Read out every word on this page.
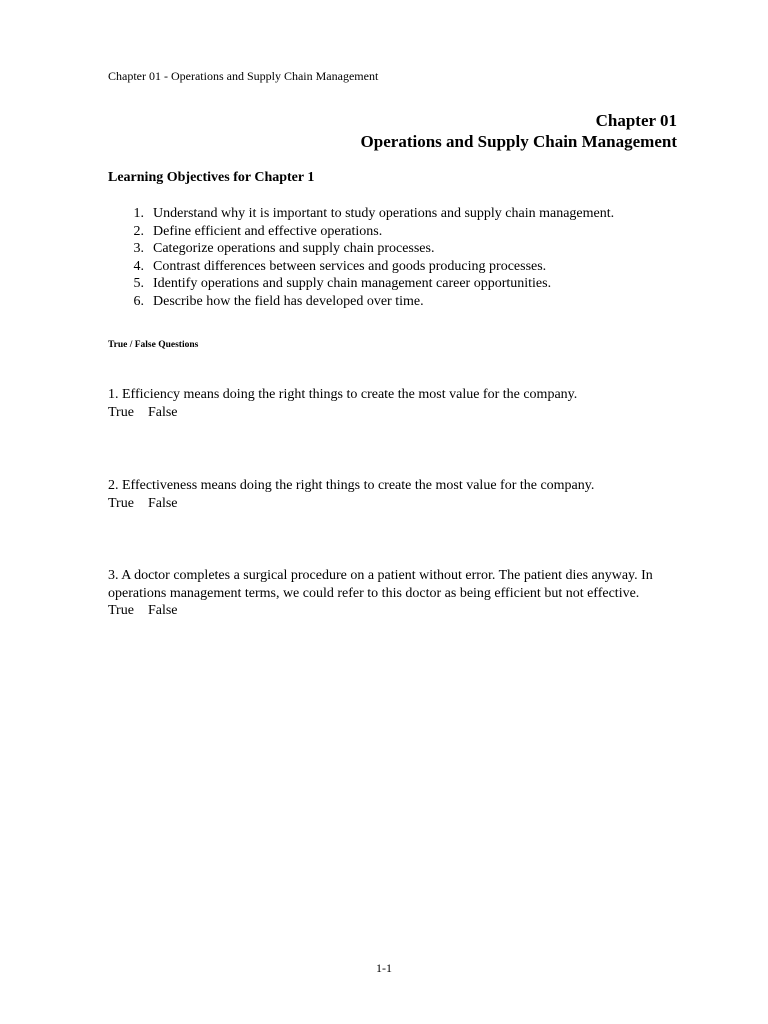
Chapter 01 - Operations and Supply Chain Management
Chapter 01
Operations and Supply Chain Management
Learning Objectives for Chapter 1
1. Understand why it is important to study operations and supply chain management.
2. Define efficient and effective operations.
3. Categorize operations and supply chain processes.
4. Contrast differences between services and goods producing processes.
5. Identify operations and supply chain management career opportunities.
6. Describe how the field has developed over time.
True / False Questions
1. Efficiency means doing the right things to create the most value for the company.
True False
2. Effectiveness means doing the right things to create the most value for the company.
True False
3. A doctor completes a surgical procedure on a patient without error. The patient dies anyway. In operations management terms, we could refer to this doctor as being efficient but not effective.
True False
1-1
